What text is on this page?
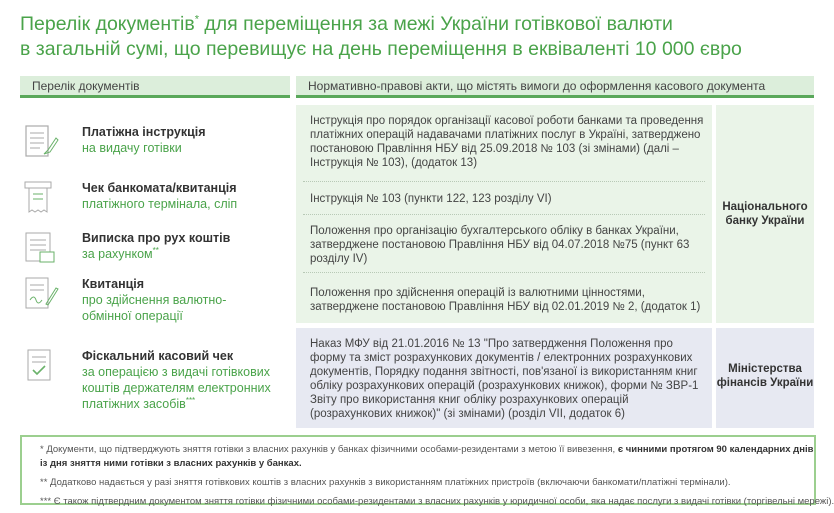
Перелік документів* для переміщення за межі України готівкової валюти
в загальній сумі, що перевищує на день переміщення в еквіваленті 10 000 євро
Перелік документів	Нормативно-правові акти, що містять вимоги до оформлення касового документа
Платіжна інструкція
на видачу готівки
Чек банкомата/квитанція
платіжного термінала, сліп
Виписка про рух коштів
за рахунком**
Квитанція
про здійснення валютно-обмінної операції
Фіскальний касовий чек
за операцією з видачі готівкових коштів держателям електронних платіжних засобів***
Інструкція про порядок організації касової роботи банками та проведення платіжних операцій надавачами платіжних послуг в Україні, затверджено постановою Правління НБУ від 25.09.2018 № 103 (зі змінами) (далі – Інструкція № 103), (додаток 13)
Інструкція № 103 (пункти 122, 123 розділу VI)
Положення про організацію бухгалтерського обліку в банках України, затверджене постановою Правління НБУ від 04.07.2018 №75 (пункт 63 розділу IV)
Положення про здійснення операцій із валютними цінностями, затверджене постановою Правління НБУ від 02.01.2019 № 2, (додаток 1)
Наказ МФУ від 21.01.2016 № 13 "Про затвердження Положення про форму та зміст розрахункових документів / електронних розрахункових документів, Порядку подання звітності, пов'язаної із використанням книг обліку розрахункових операцій (розрахункових книжок), форми № ЗВР-1 Звіту про використання книг обліку розрахункових операцій (розрахункових книжок)" (зі змінами) (розділ VII, додаток 6)
Національного банку України
Міністерства фінансів України
* Документи, що підтверджують зняття готівки з власних рахунків у банках фізичними особами-резидентами з метою її вивезення, є чинними протягом 90 календарних днів
із дня зняття ними готівки з власних рахунків у банках.
** Додатково надається у разі зняття готівкових коштів з власних рахунків з використанням платіжних пристроїв (включаючи банкомати/платіжні термінали).
*** Є також підтвердним документом зняття готівки фізичними особами-резидентами з власних рахунків у юридичної особи, яка надає послуги з видачі готівки (торгівельні мережі).
